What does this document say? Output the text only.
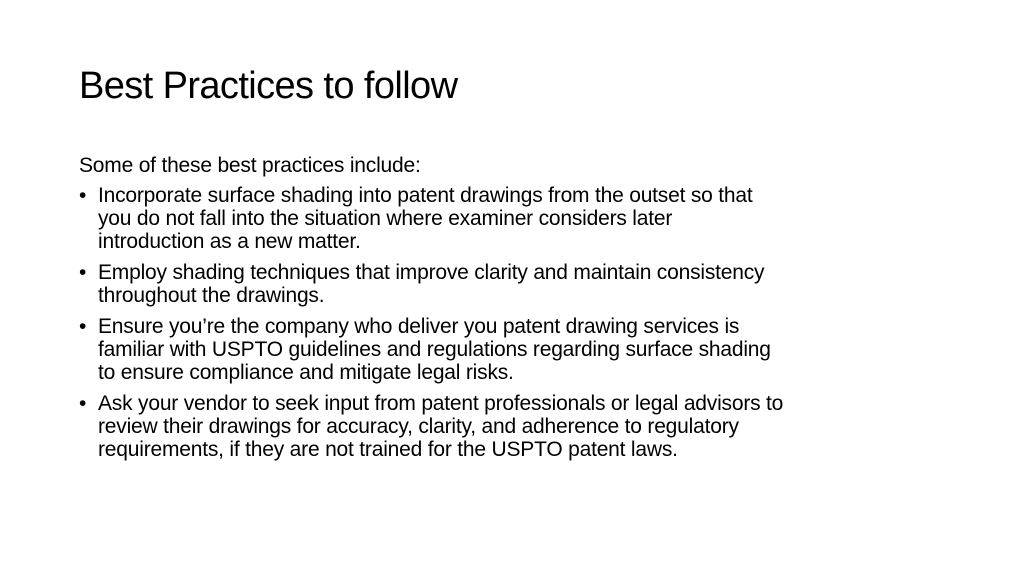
Best Practices to follow

Some of these best practices include:

• Incorporate surface shading into patent drawings from the outset so that
you do not fall into the situation where examiner considers later
introduction as a new matter.
• Employ shading techniques that improve clarity and maintain consistency
throughout the drawings.
• Ensure you’re the company who deliver you patent drawing services is
familiar with USPTO guidelines and regulations regarding surface shading
to ensure compliance and mitigate legal risks.
• Ask your vendor to seek input from patent professionals or legal advisors to
review their drawings for accuracy, clarity, and adherence to regulatory
requirements, if they are not trained for the USPTO patent laws.
